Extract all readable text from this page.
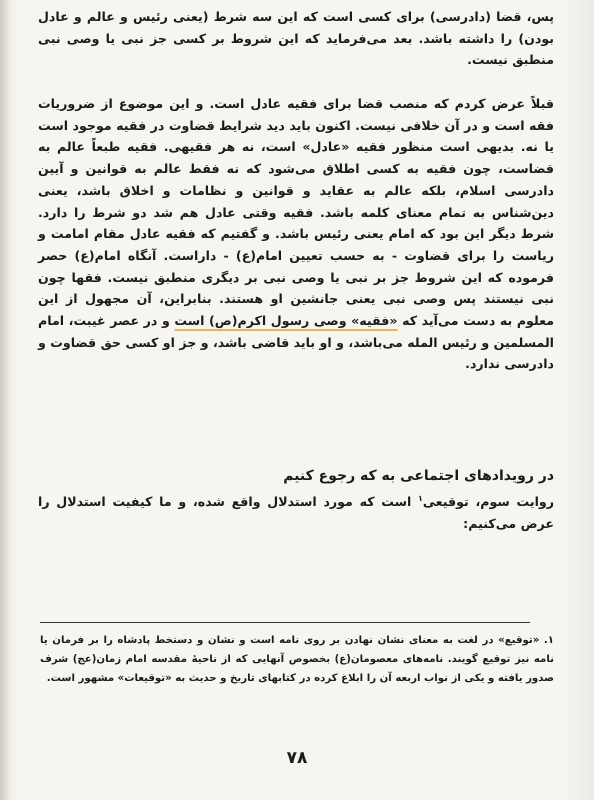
پس، قضا (دادرسی) برای کسی است که این سه شرط (یعنی رئیس و عالم و عادل بودن) را داشته باشد. بعد می‌فرماید که این شروط بر کسی جز نبی یا وصی نبی منطبق نیست.

قبلاً عرض کردم که منصب قضا برای فقیه عادل است. و این موضوع از ضروریات فقه است و در آن خلافی نیست. اکنون باید دید شرایط قضاوت در فقیه موجود است یا نه. بدیهی است منظور فقیه «عادل» است، نه هر فقیهی. فقیه طبعاً عالم به قضاست، چون فقیه به کسی اطلاق می‌شود که نه فقط عالم به قوانین و آیین دادرسی اسلام، بلکه عالم به عقاید و قوانین و نظامات و اخلاق باشد، یعنی دین‌شناس به تمام معنای کلمه باشد. فقیه وقتی عادل هم شد دو شرط را دارد. شرط دیگر این بود که امام یعنی رئیس باشد. و گفتیم که فقیه عادل مقام امامت و ریاست را برای قضاوت - به حسب تعیین امام(ع) - داراست. آنگاه امام(ع) حصر فرموده که این شروط جز بر نبی یا وصی نبی بر دیگری منطبق نیست. فقها چون نبی نیستند پس وصی نبی یعنی جانشین او هستند. بنابراین، آن مجهول از این معلوم به دست می‌آید که «فقیه» وصی رسول اکرم(ص) است و در عصر غیبت، امام المسلمین و رئیس المله می‌باشد، و او باید قاضی باشد، و جز او کسی حق قضاوت و دادرسی ندارد.

در رویدادهای اجتماعی به که رجوع کنیم

روایت سوم، توقیعی$^۱$ است که مورد استدلال واقع شده، و ما کیفیت استدلال را عرض می‌کنیم:

۱. «توقیع» در لغت به معنای نشان نهادن بر روی نامه است و نشان و دستخط پادشاه را بر فرمان یا نامه نیز توقیع گویند. نامه‌های معصومان(ع) بخصوص آنهایی که از ناحیهٔ مقدسه امام زمان(عج) شرف صدور یافته و یکی از نواب اربعه آن را ابلاغ کرده در کتابهای تاریخ و حدیث به «توقیعات» مشهور است.
۷۸
